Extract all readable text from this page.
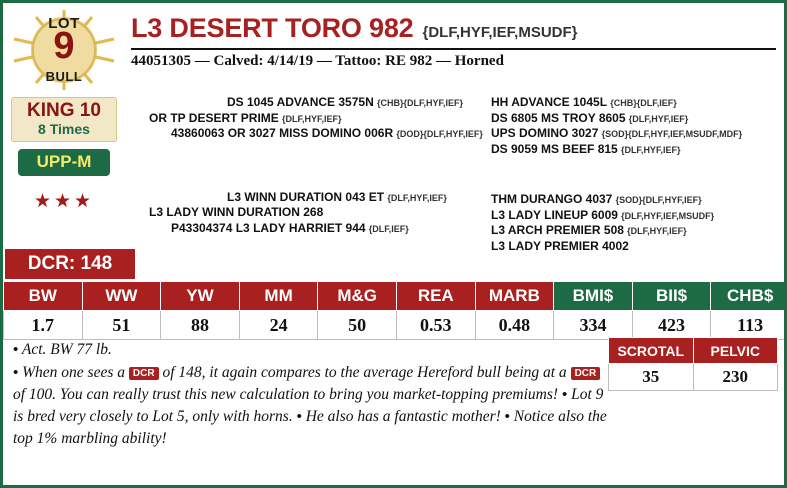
LOT
9
BULL
KING 10
8 Times
UPP-M
★★★
DCR: 148
L3 DESERT TORO 982 {DLF,HYF,IEF,MSUDF}
44051305 — Calved: 4/14/19 — Tattoo: RE 982 — Horned
DS 1045 ADVANCE 3575N {CHB}{DLF,HYF,IEF}
OR TP DESERT PRIME {DLF,HYF,IEF}
43860063 OR 3027 MISS DOMINO 006R {DOD}{DLF,HYF,IEF}
L3 WINN DURATION 043 ET {DLF,HYF,IEF}
L3 LADY WINN DURATION 268
P43304374 L3 LADY HARRIET 944 {DLF,IEF}
HH ADVANCE 1045L {CHB}{DLF,IEF}
DS 6805 MS TROY 8605 {DLF,HYF,IEF}
UPS DOMINO 3027 {SOD}{DLF,HYF,IEF,MSUDF,MDF}
DS 9059 MS BEEF 815 {DLF,HYF,IEF}
THM DURANGO 4037 {SOD}{DLF,HYF,IEF}
L3 LADY LINEUP 6009 {DLF,HYF,IEF,MSUDF}
L3 ARCH PREMIER 508 {DLF,HYF,IEF}
L3 LADY PREMIER 4002
BW	WW	YW	MM	M&G	REA	MARB	BMI$	BII$	CHB$
1.7	51	88	24	50	0.53	0.48	334	423	113
SCROTAL	PELVIC
35	230
• Act. BW 77 lb.
• When one sees a DCR of 148, it again compares to the average Hereford bull being at a DCR of 100. You can really trust this new calculation to bring you market-topping premiums! • Lot 9 is bred very closely to Lot 5, only with horns. • He also has a fantastic mother! • Notice also the top 1% marbling ability!
